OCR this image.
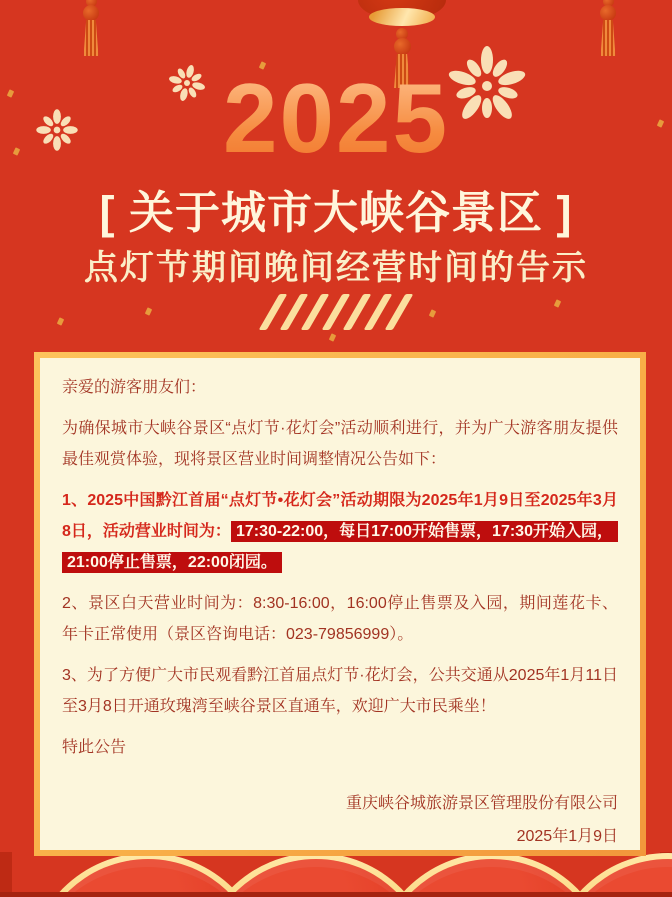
2025
[ 关于城市大峡谷景区 ]
点灯节期间晚间经营时间的告示

亲爱的游客朋友们：

为确保城市大峡谷景区“点灯节·花灯会”活动顺利进行，并为广大游客朋友提供最佳观赏体验，现将景区营业时间调整情况公告如下：

1、2025中国黔江首届“点灯节•花灯会”活动期限为2025年1月9日至2025年3月8日，活动营业时间为： 17:30-22:00，每日17:00开始售票，17:30开始入园，21:00停止售票，22:00闭园。

2、景区白天营业时间为：8:30-16:00，16:00停止售票及入园，期间莲花卡、年卡正常使用（景区咨询电话：023-79856999）。

3、为了方便广大市民观看黔江首届点灯节·花灯会，公共交通从2025年1月11日至3月8日开通玫瑰湾至峡谷景区直通车，欢迎广大市民乘坐！

特此公告

重庆峡谷城旅游景区管理股份有限公司
2025年1月9日
